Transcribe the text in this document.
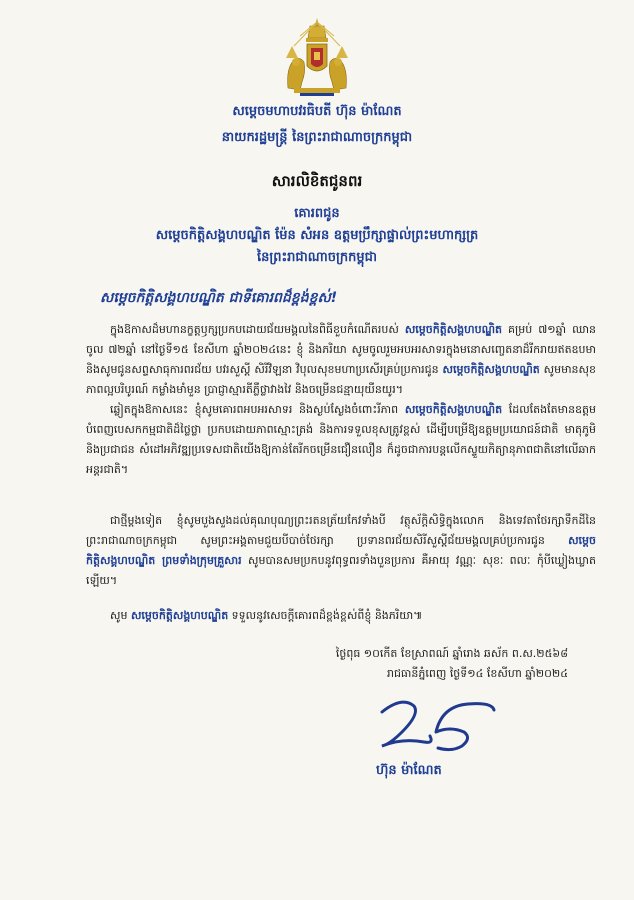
សម្តេចមហាបវរធិបតី ហ៊ុន ម៉ាណែត
នាយករដ្ឋមន្ត្រី នៃព្រះរាជាណាចក្រកម្ពុជា
សារលិខិតជូនពរ
គោរពជូន
សម្តេចកិត្តិសង្គហបណ្ឌិត ម៉ែន សំអន ឧត្តមប្រឹក្សាផ្ទាល់ព្រះមហាក្សត្រ
នៃព្រះរាជាណាចក្រកម្ពុជា
សម្តេចកិត្តិសង្គហបណ្ឌិត ជាទីគោរពដ៏ខ្ពង់ខ្ពស់!
ក្នុងឱកាសដ៏មហានក្ខត្តឫក្សប្រកបដោយជ័យមង្គលនៃពិធីខួបកំណើតរបស់ សម្តេចកិត្តិសង្គហបណ្ឌិត គម្រប់ ៧១ឆ្នាំ ឈានចូល ៧២ឆ្នាំ នៅថ្ងៃទី១៥ ខែសីហា ឆ្នាំ២០២៤នេះ ខ្ញុំ និងភរិយា សូមចូលរួមអបអរសាទរក្នុងមនោសញ្ចេតនាដ៏រីករាយឥតឧបមា និងសូមជូនសព្ទសាធុការពរជ័យ បវរសួស្តី សិរីវិឡនា វិបុលសុខមហាប្រសើរគ្រប់ប្រការជូន សម្តេចកិត្តិសង្គហបណ្ឌិត សូមមានសុខភាពល្អបរិបូរណ៍ កម្លាំងមាំមួន ប្រាជ្ញាស្មារតីភ្លឺថ្លាវាងវៃ និងចម្រើនជន្មាយុយឺនយូរ។
ឆ្លៀតក្នុងឱកាសនេះ ខ្ញុំសូមគោរពអបអរសាទរ និងស្ងប់ស្ងែងចំពោះរីភាព សម្តេចកិត្តិសង្គហបណ្ឌិត ដែលតែងតែមានឧត្តមបំពេញបេសកកម្មជាតិដ៏ថ្លៃថ្លា ប្រកបដោយភាពស្មោះត្រង់ និងការទទួលខុសត្រូវខ្ពស់ ដើម្បីបម្រើឱ្យឧត្តមប្រយោជន៍ជាតិ មាតុភូមិ និងប្រជាជន សំដៅអភិវឌ្ឍប្រទេសជាតិយើងឱ្យកាន់តែរីកចម្រើនជឿនលឿន ក៏ដូចជាការបន្តលើកស្ទួយកិត្យានុភាពជាតិនៅលើឆាកអន្តរជាតិ។
ជាថ្មីម្តងទៀត ខ្ញុំសូមបួងសួងដល់គុណបុណ្យព្រះរតនត្រ័យកែវទាំងបី វត្ថុស័ក្តិសិទ្ធិក្នុងលោក និងទេវតាថែរក្សាទឹកដីនៃព្រះរាជាណាចក្រកម្ពុជា សូមព្រះអង្គតាមជួយបីបាច់ថែរក្សា ប្រទានពរជ័យសិរីសួស្តីជ័យមង្គលគ្រប់ប្រការជូន សម្តេចកិត្តិសង្គហបណ្ឌិត ព្រមទាំងក្រុមគ្រួសារ សូមបានសមប្រកបនូវពុទ្ធពរទាំងបួនប្រការ គឺអាយុ វណ្ណៈ សុខៈ ពលៈ កុំបីឃ្លៀងឃ្លាតឡើយ។
សូម សម្តេចកិត្តិសង្គហបណ្ឌិត ទទួលនូវសេចក្តីគោរពដ៏ខ្ពង់ខ្ពស់ពីខ្ញុំ និងភរិយា៕
ថ្ងៃពុធ ១០កើត ខែស្រាពណ៍ ឆ្នាំរោង ឆស័ក ព.ស.២៥៦៨
រាជធានីភ្នំពេញ ថ្ងៃទី១៤ ខែសីហា ឆ្នាំ២០២៤
ហ៊ុន ម៉ាណែត
